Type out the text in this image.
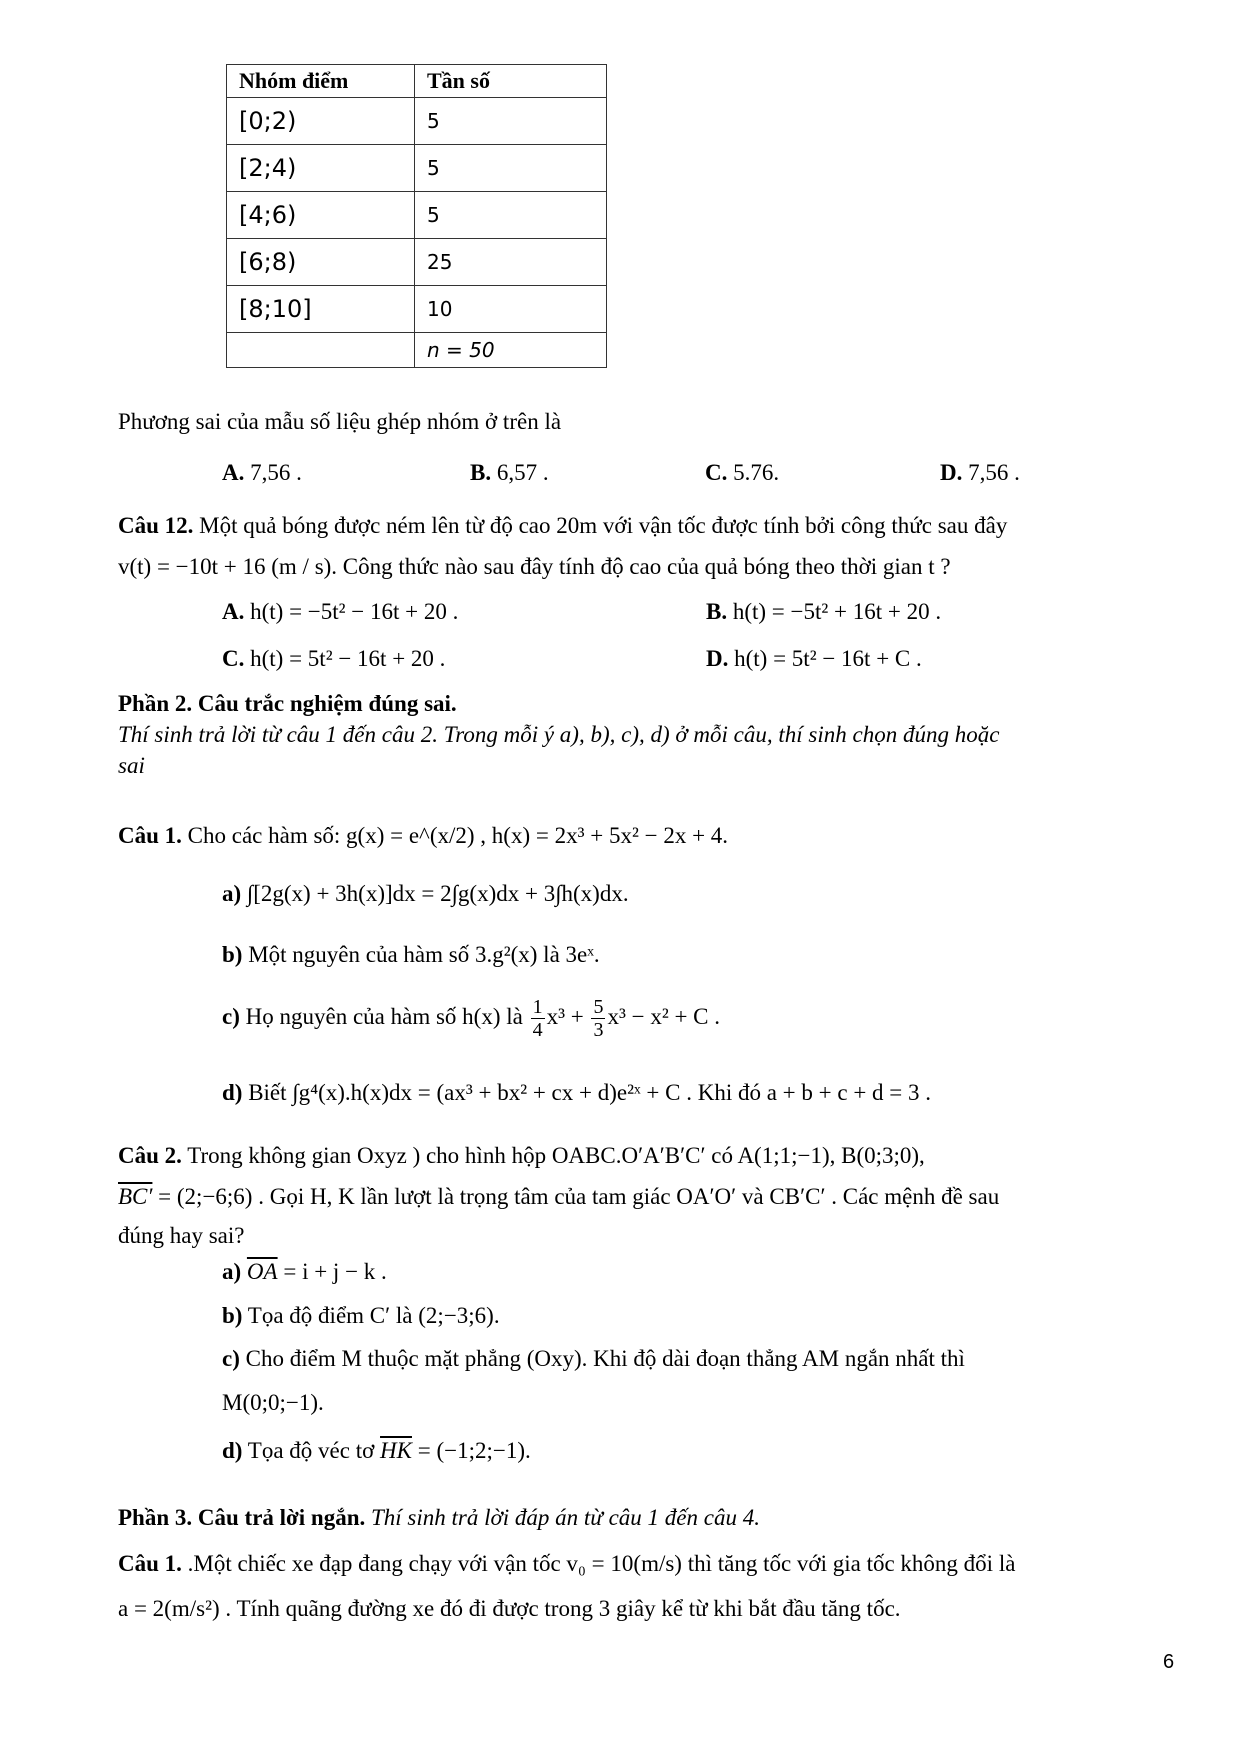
Nhóm điểm	Tần số
[0;2)	5
[2;4)	5
[4;6)	5
[6;8)	25
[8;10]	10
	n = 50
Phương sai của mẫu số liệu ghép nhóm ở trên là
A. 7,56 .	B. 6,57 .	C. 5.76.	D. 7,56 .
Câu 12. Một quả bóng được ném lên từ độ cao 20m với vận tốc được tính bởi công thức sau đây
v(t) = −10t + 16 (m / s). Công thức nào sau đây tính độ cao của quả bóng theo thời gian t ?
A. h(t) = −5t² − 16t + 20 .	B. h(t) = −5t² + 16t + 20 .
C. h(t) = 5t² − 16t + 20 .	D. h(t) = 5t² − 16t + C .
Phần 2. Câu trắc nghiệm đúng sai.
Thí sinh trả lời từ câu 1 đến câu 2. Trong mỗi ý a), b), c), d) ở mỗi câu, thí sinh chọn đúng hoặc
sai
Câu 1. Cho các hàm số: g(x) = e^(x/2) , h(x) = 2x³ + 5x² − 2x + 4.
a) ∫[2g(x) + 3h(x)]dx = 2∫g(x)dx + 3∫h(x)dx.
b) Một nguyên của hàm số 3.g²(x) là 3eˣ.
c) Họ nguyên của hàm số h(x) là $\frac{1}{4} x^3 + \frac{5}{3} x^3 - x^2 + C$ .
d) Biết ∫g⁴(x).h(x)dx = (ax³ + bx² + cx + d)e²ˣ + C . Khi đó a + b + c + d = 3 .
Câu 2. Trong không gian Oxyz ) cho hình hộp OABC.O′A′B′C′ có A(1;1;−1), B(0;3;0),
BC′ = (2;−6;6) . Gọi H, K lần lượt là trọng tâm của tam giác OA′O′ và CB′C′ . Các mệnh đề sau
đúng hay sai?
a) $\overline{OA} = i + j - k$ .
b) Tọa độ điểm C′ là (2;−3;6).
c) Cho điểm M thuộc mặt phẳng (Oxy). Khi độ dài đoạn thẳng AM ngắn nhất thì
M(0;0;−1).
d) Tọa độ véc tơ $\overline{HK}$ = (−1;2;−1).
Phần 3. Câu trả lời ngắn. Thí sinh trả lời đáp án từ câu 1 đến câu 4.
Câu 1. .Một chiếc xe đạp đang chạy với vận tốc v₀ = 10(m/s) thì tăng tốc với gia tốc không đổi là
a = 2(m/s²) . Tính quãng đường xe đó đi được trong 3 giây kể từ khi bắt đầu tăng tốc.
6
